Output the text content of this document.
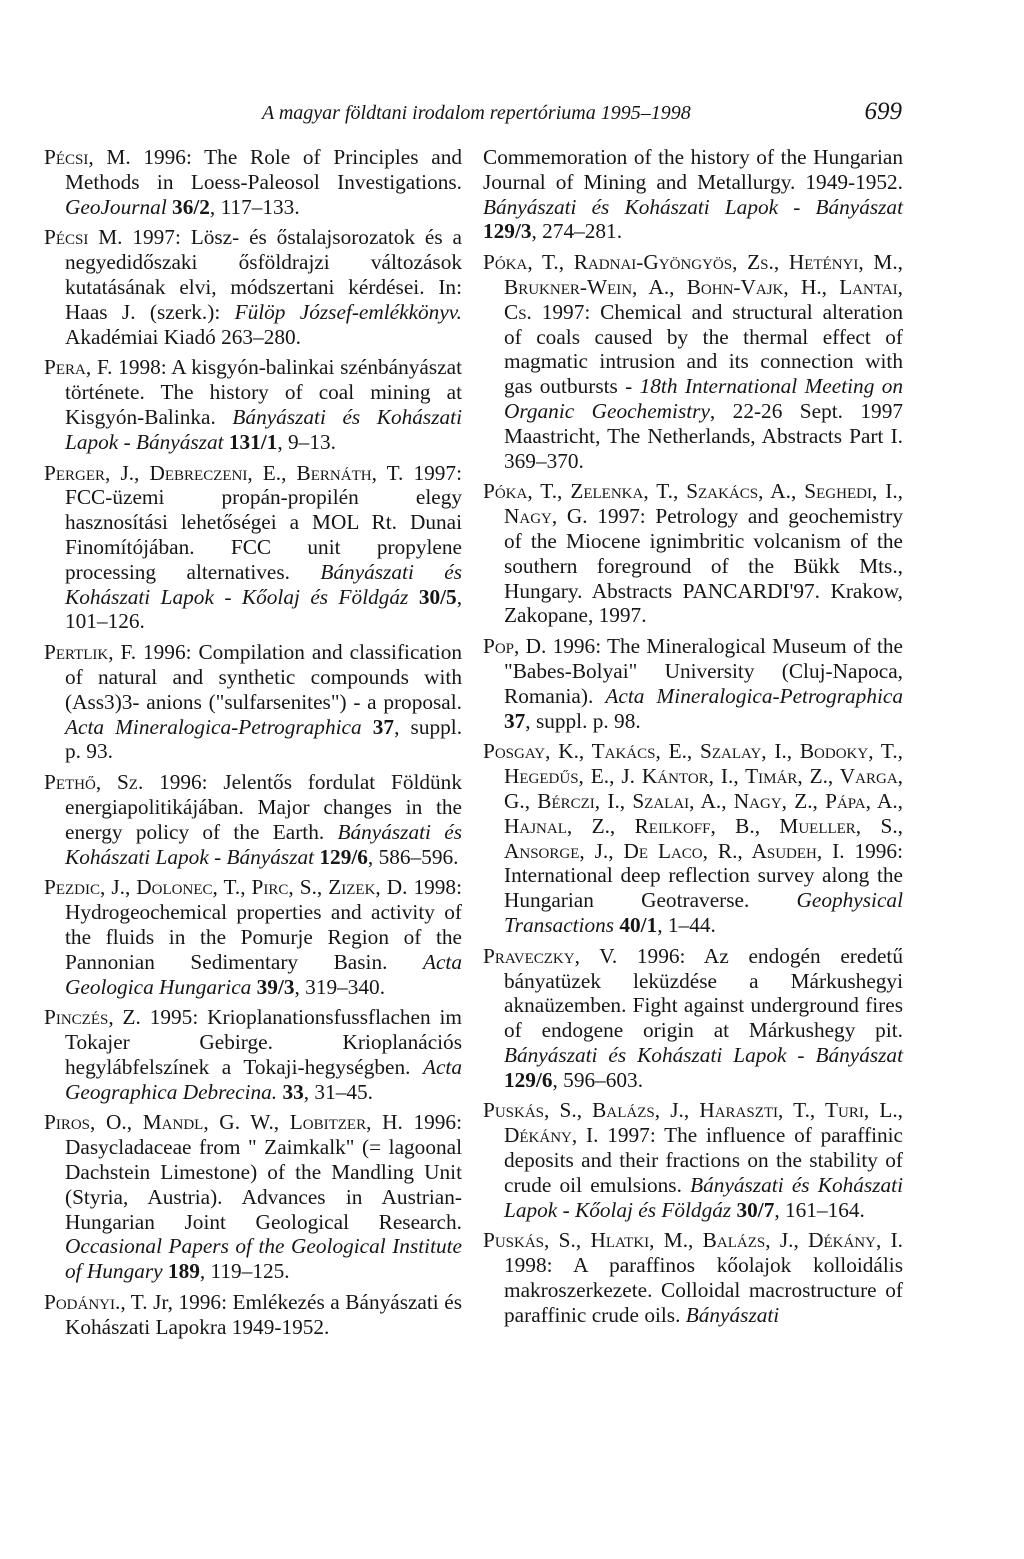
A magyar földtani irodalom repertóriuma 1995–1998	699

Pécsi, M. 1996: The Role of Principles and Methods in Loess-Paleosol Investigations. GeoJournal 36/2, 117–133.

Pécsi M. 1997: Lösz- és őstalajsorozatok és a negyedidőszaki ősföldrajzi változások kutatásának elvi, módszertani kérdései. In: Haas J. (szerk.): Fülöp József-emlékkönyv. Akadémiai Kiadó 263–280.

Pera, F. 1998: A kisgyón-balinkai szénbányászat története. The history of coal mining at Kisgyón-Balinka. Bányászati és Kohászati Lapok - Bányászat 131/1, 9–13.

Perger, J., Debreczeni, E., Bernáth, T. 1997: FCC-üzemi propán-propilén elegy hasznosítási lehetőségei a MOL Rt. Dunai Finomítójában. FCC unit propylene processing alternatives. Bányászati és Kohászati Lapok - Kőolaj és Földgáz 30/5, 101–126.

Pertlik, F. 1996: Compilation and classification of natural and synthetic compounds with (Ass3)3- anions ("sulfarsenites") - a proposal. Acta Mineralogica-Petrographica 37, suppl. p. 93.

Pethő, Sz. 1996: Jelentős fordulat Földünk energiapolitikájában. Major changes in the energy policy of the Earth. Bányászati és Kohászati Lapok - Bányászat 129/6, 586–596.

Pezdic, J., Dolonec, T., Pirc, S., Zizek, D. 1998: Hydrogeochemical properties and activity of the fluids in the Pomurje Region of the Pannonian Sedimentary Basin. Acta Geologica Hungarica 39/3, 319–340.

Pinczés, Z. 1995: Krioplanationsfussflachen im Tokajer Gebirge. Krioplanációs hegylábfelszínek a Tokaji-hegységben. Acta Geographica Debrecina. 33, 31–45.

Piros, O., Mandl, G. W., Lobitzer, H. 1996: Dasycladaceae from " Zaimkalk" (= lagoonal Dachstein Limestone) of the Mandling Unit (Styria, Austria). Advances in Austrian-Hungarian Joint Geological Research. Occasional Papers of the Geological Institute of Hungary 189, 119–125.

Podányi., T. Jr, 1996: Emlékezés a Bányászati és Kohászati Lapokra 1949-1952.

Commemoration of the history of the Hungarian Journal of Mining and Metallurgy. 1949-1952. Bányászati és Kohászati Lapok - Bányászat 129/3, 274–281.

Póka, T., Radnai-Gyöngyös, Zs., Hetényi, M., Brukner-Wein, A., Bohn-Vajk, H., Lantai, Cs. 1997: Chemical and structural alteration of coals caused by the thermal effect of magmatic intrusion and its connection with gas outbursts - 18th International Meeting on Organic Geochemistry, 22-26 Sept. 1997 Maastricht, The Netherlands, Abstracts Part I. 369–370.

Póka, T., Zelenka, T., Szakács, A., Seghedi, I., Nagy, G. 1997: Petrology and geochemistry of the Miocene ignimbritic volcanism of the southern foreground of the Bükk Mts., Hungary. Abstracts PANCARDI'97. Krakow, Zakopane, 1997.

Pop, D. 1996: The Mineralogical Museum of the "Babes-Bolyai" University (Cluj-Napoca, Romania). Acta Mineralogica-Petrographica 37, suppl. p. 98.

Posgay, K., Takács, E., Szalay, I., Bodoky, T., Hegedűs, E., J. Kántor, I., Timár, Z., Varga, G., Bérczi, I., Szalai, A., Nagy, Z., Pápa, A., Hajnal, Z., Reilkoff, B., Mueller, S., Ansorge, J., De Laco, R., Asudeh, I. 1996: International deep reflection survey along the Hungarian Geotraverse. Geophysical Transactions 40/1, 1–44.

Praveczky, V. 1996: Az endogén eredetű bányatüzek leküzdése a Márkushegyi aknaüzemben. Fight against underground fires of endogene origin at Márkushegy pit. Bányászati és Kohászati Lapok - Bányászat 129/6, 596–603.

Puskás, S., Balázs, J., Haraszti, T., Turi, L., Dékány, I. 1997: The influence of paraffinic deposits and their fractions on the stability of crude oil emulsions. Bányászati és Kohászati Lapok - Kőolaj és Földgáz 30/7, 161–164.

Puskás, S., Hlatki, M., Balázs, J., Dékány, I. 1998: A paraffinos kőolajok kolloidális makroszerkezete. Colloidal macrostructure of paraffinic crude oils. Bányászati
